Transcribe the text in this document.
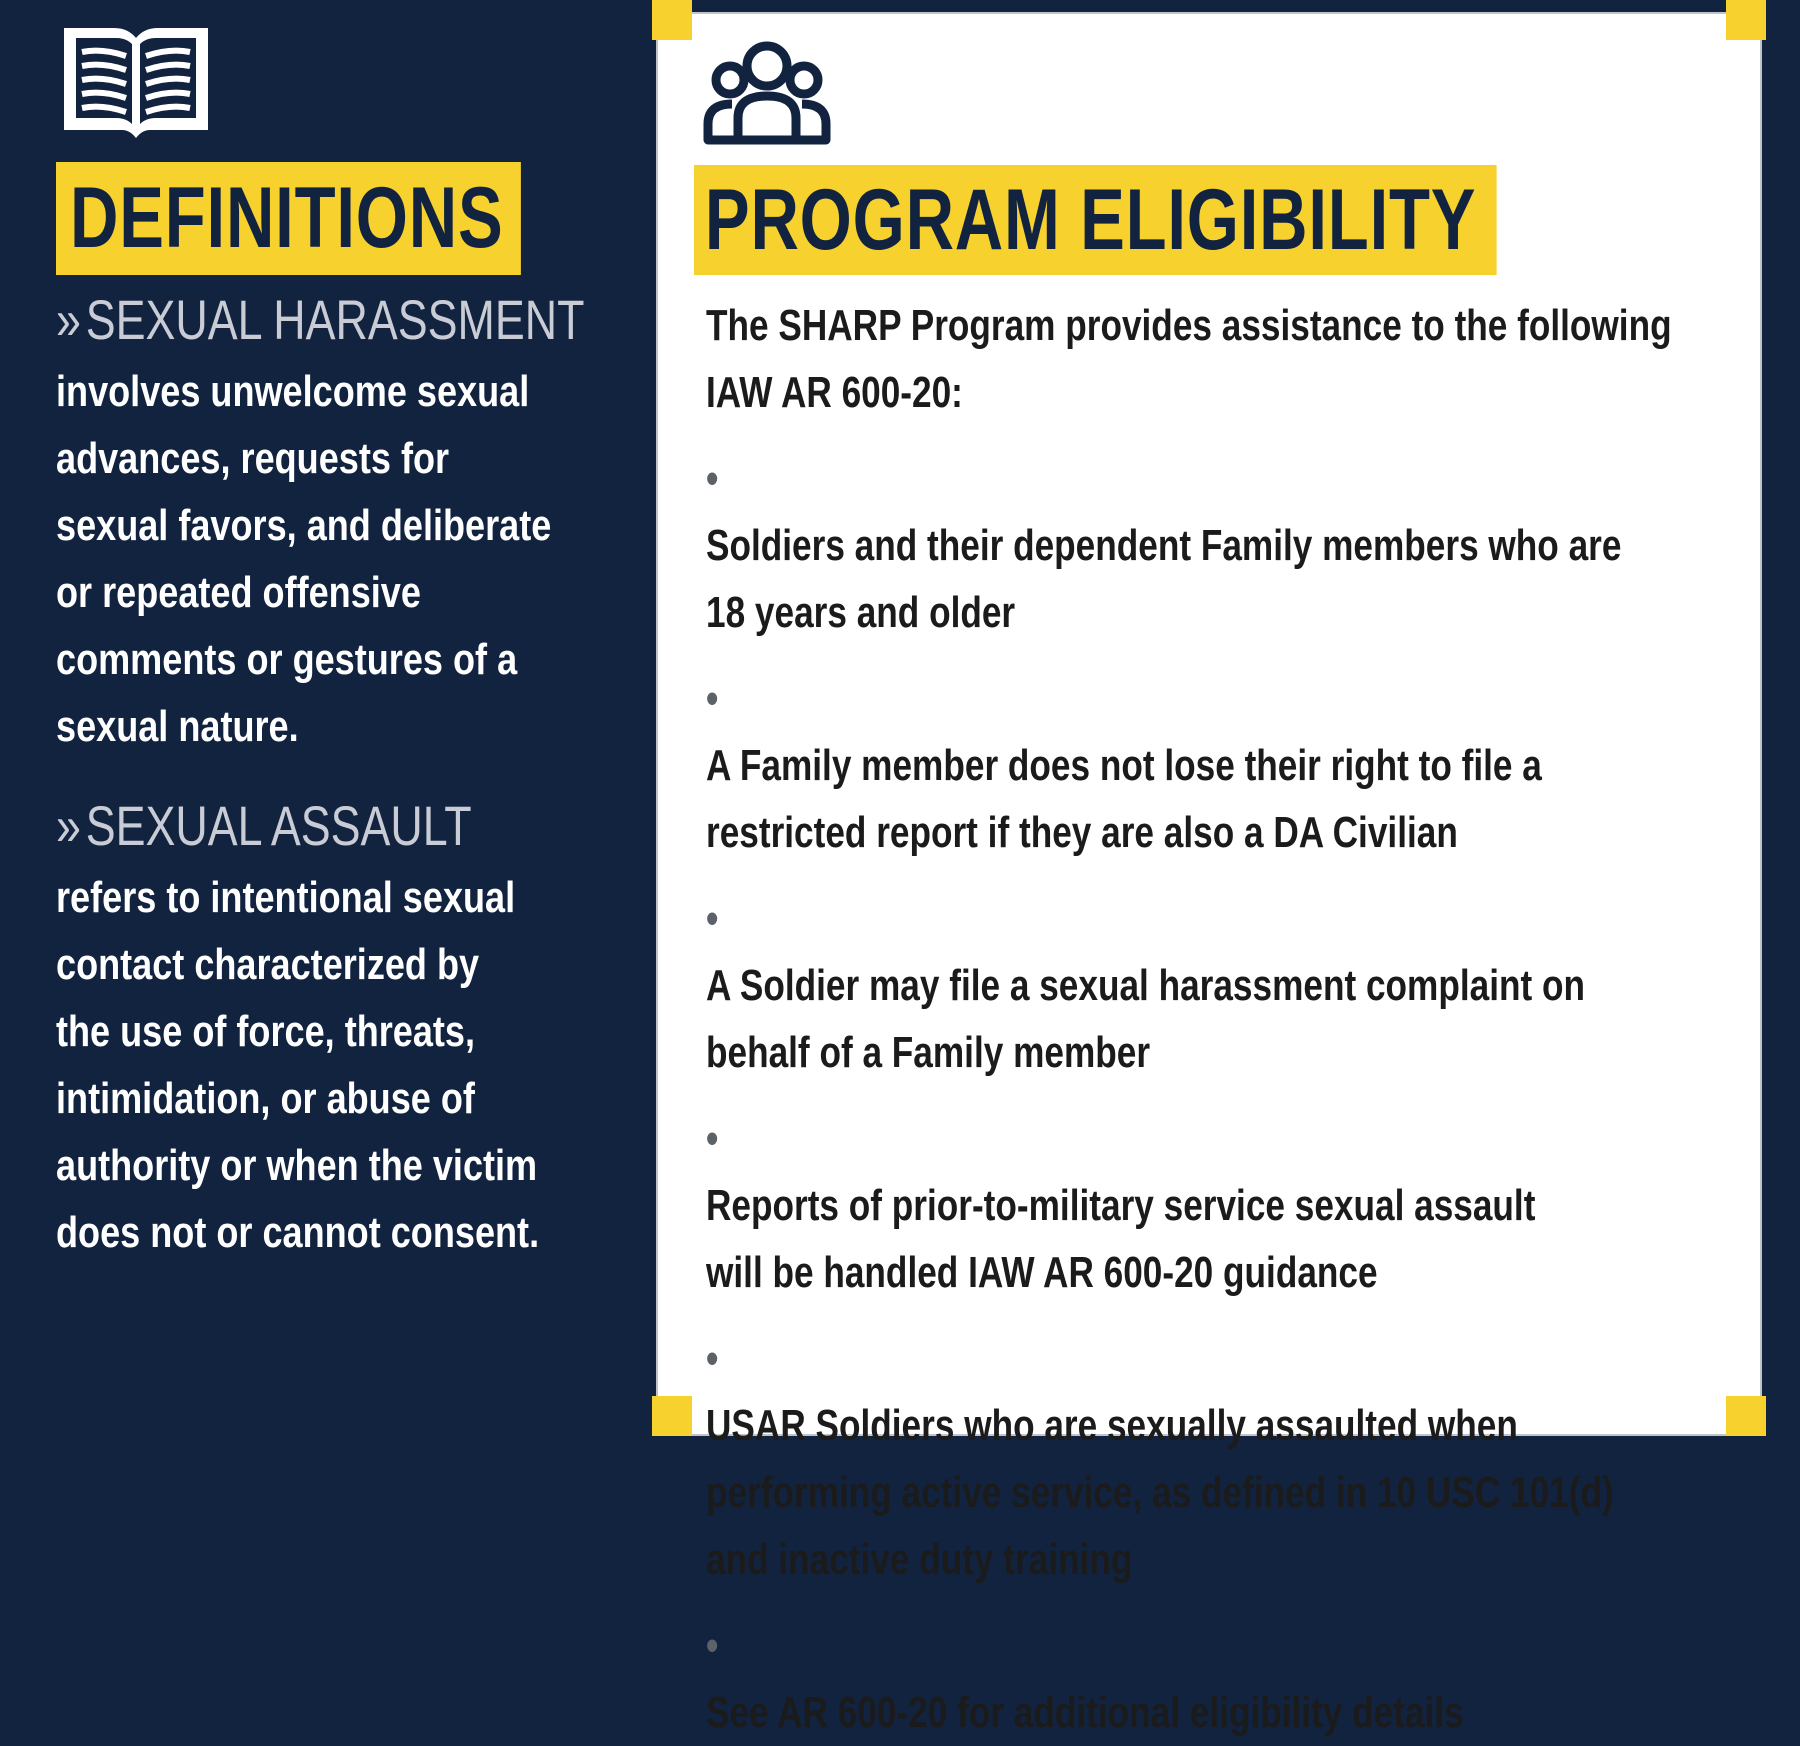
DEFINITIONS
»SEXUAL HARASSMENT
involves unwelcome sexual
advances, requests for
sexual favors, and deliberate
or repeated offensive
comments or gestures of a
sexual nature.
»SEXUAL ASSAULT
refers to intentional sexual
contact characterized by
the use of force, threats,
intimidation, or abuse of
authority or when the victim
does not or cannot consent.
PROGRAM ELIGIBILITY
The SHARP Program provides assistance to the following
IAW AR 600-20:
•
Soldiers and their dependent Family members who are
18 years and older
•
A Family member does not lose their right to file a
restricted report if they are also a DA Civilian
•
A Soldier may file a sexual harassment complaint on
behalf of a Family member
•
Reports of prior-to-military service sexual assault
will be handled IAW AR 600-20 guidance
•
USAR Soldiers who are sexually assaulted when
performing active service, as defined in 10 USC 101(d)
and inactive duty training
•
See AR 600-20 for additional eligibility details
